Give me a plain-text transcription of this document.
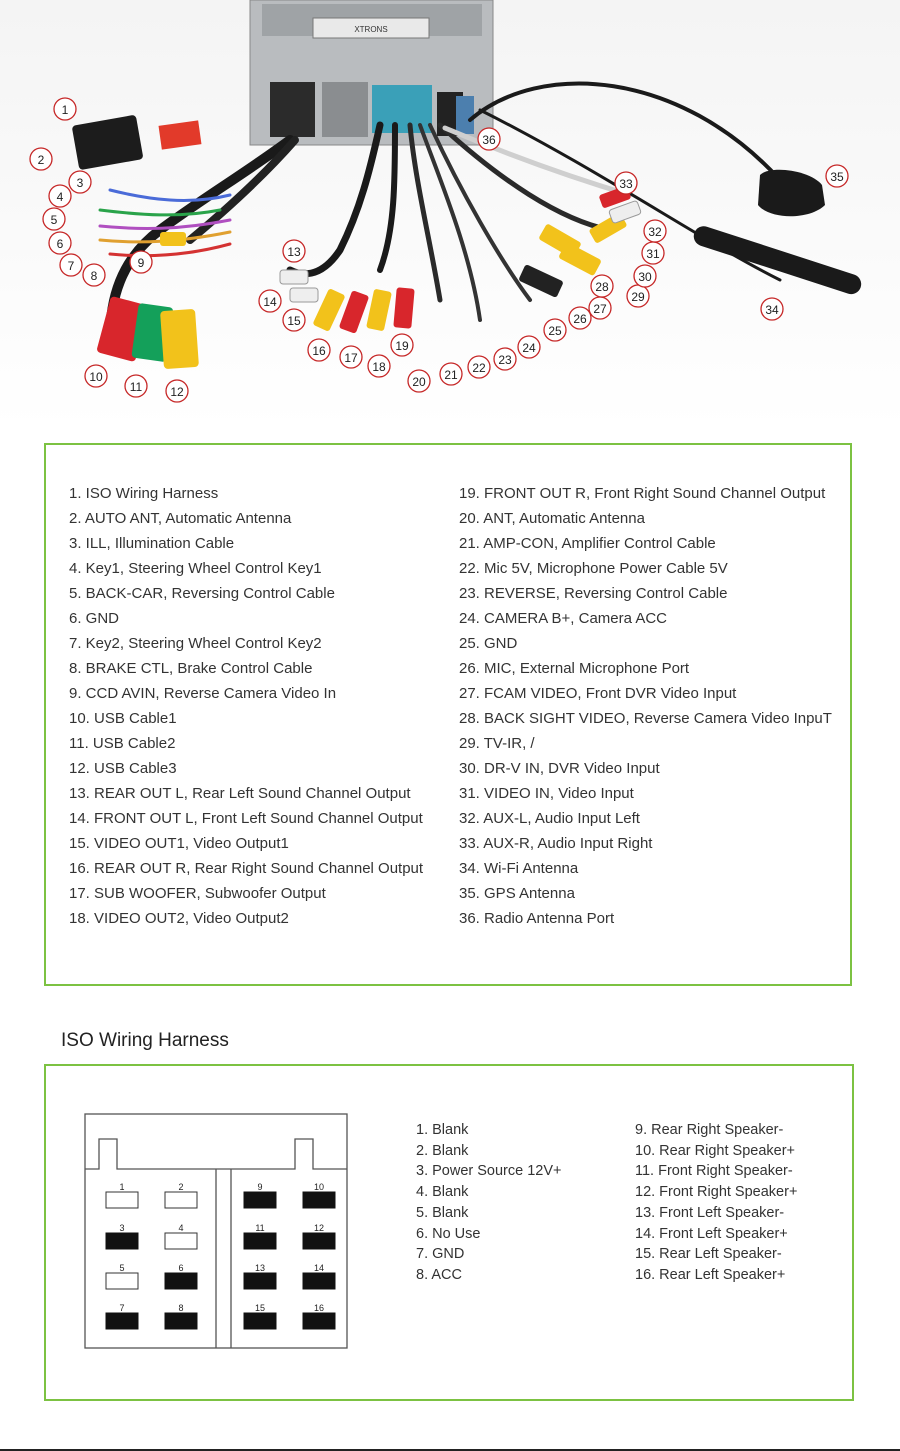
XTRONS
1
2
3
4
5
6
7
8
9
10
11 12
13
14
15
16 17
18
19
20 21 22
23
24
25
26
27
28
29
30
31
32
33
34
35
36
1. ISO Wiring Harness
2. AUTO ANT, Automatic Antenna
3. ILL, Illumination Cable
4. Key1, Steering Wheel Control Key1
5. BACK-CAR, Reversing Control Cable
6. GND
7. Key2, Steering Wheel Control Key2
8. BRAKE CTL, Brake Control Cable
9. CCD AVIN, Reverse Camera Video In
10. USB Cable1
11. USB Cable2
12. USB Cable3
13. REAR OUT L, Rear Left Sound Channel Output
14. FRONT OUT L, Front Left Sound Channel Output
15. VIDEO OUT1, Video Output1
16. REAR OUT R, Rear Right Sound Channel Output
17. SUB WOOFER, Subwoofer Output
18. VIDEO OUT2, Video Output2
19. FRONT OUT R, Front Right Sound Channel Output
20. ANT, Automatic Antenna
21. AMP-CON, Amplifier Control Cable
22. Mic 5V, Microphone Power Cable 5V
23. REVERSE, Reversing Control Cable
24. CAMERA B+, Camera ACC
25. GND
26. MIC, External Microphone Port
27. FCAM VIDEO, Front DVR Video Input
28. BACK SIGHT VIDEO, Reverse Camera Video InpuT
29. TV-IR, /
30. DR-V IN, DVR Video Input
31. VIDEO IN, Video Input
32. AUX-L, Audio Input Left
33. AUX-R, Audio Input Right
34. Wi-Fi Antenna
35. GPS Antenna
36. Radio Antenna Port
ISO Wiring Harness
1	2
3	4
5	6
7	8
9	10
11	12
13	14
15	16
1. Blank
2. Blank
3. Power Source 12V+
4. Blank
5. Blank
6. No Use
7. GND
8. ACC
9. Rear Right Speaker-
10. Rear Right Speaker+
11. Front Right Speaker-
12. Front Right Speaker+
13. Front Left Speaker-
14. Front Left Speaker+
15. Rear Left Speaker-
16. Rear Left Speaker+
